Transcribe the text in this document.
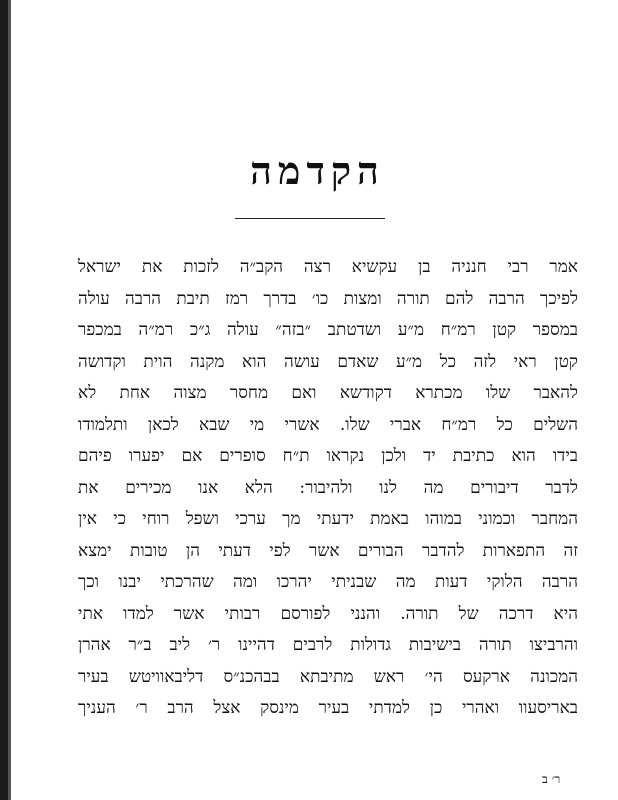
הקדמה
אמר רבי חנניה בן עקשיא רצה הקב״ה לזכות את ישראל
לפיכך הרבה להם תורה ומצות כו׳ בדרך רמז תיבת הרבה עולה
במספר קטן רמ״ח מ״ע ושדטתב ״בזה״ עולה ג״כ רמ״ה במכפר
קטן ראי לזה כל מ״ע שאדם עושה הוא מקנה הוית וקדושה
להאבר שלו מכתרא דקודשא ואם מחסר מצוה אחת לא
השלים כל רמ״ח אברי שלו. אשרי מי שבא לכאן ותלמודו
בידו הוא כתיבת יד ולכן נקראו ת״ח סופרים אם יפערו פיהם
לדבר דיבורים מה לנו ולהיבור: הלא אנו מכירים את
המחבר וכמוני במוהו באמת ידעתי מך ערכי ושפל רוחי כי אין
זה התפארות להדבר הבורים אשר לפי דעתי הן טובות ימצא
הרבה הלוקי דעות מה שבניתי יהרכו ומה שהרכתי יבנו וכך
היא דרכה של תורה. והנני לפורסם רבותי אשר למדו אתי
והרביצו תורה בישיבות גדולות לרבים דהיינו ר׳ ליב ב״ר אהרן
המכונה ארקעס הי׳ ראש מתיבתא בבהכנ״ס דליבאוויטש בעיר
באריסעוו ואהרי כן למדתי בעיר מינסק אצל הרב ר׳ העניך
ר׳ ב
